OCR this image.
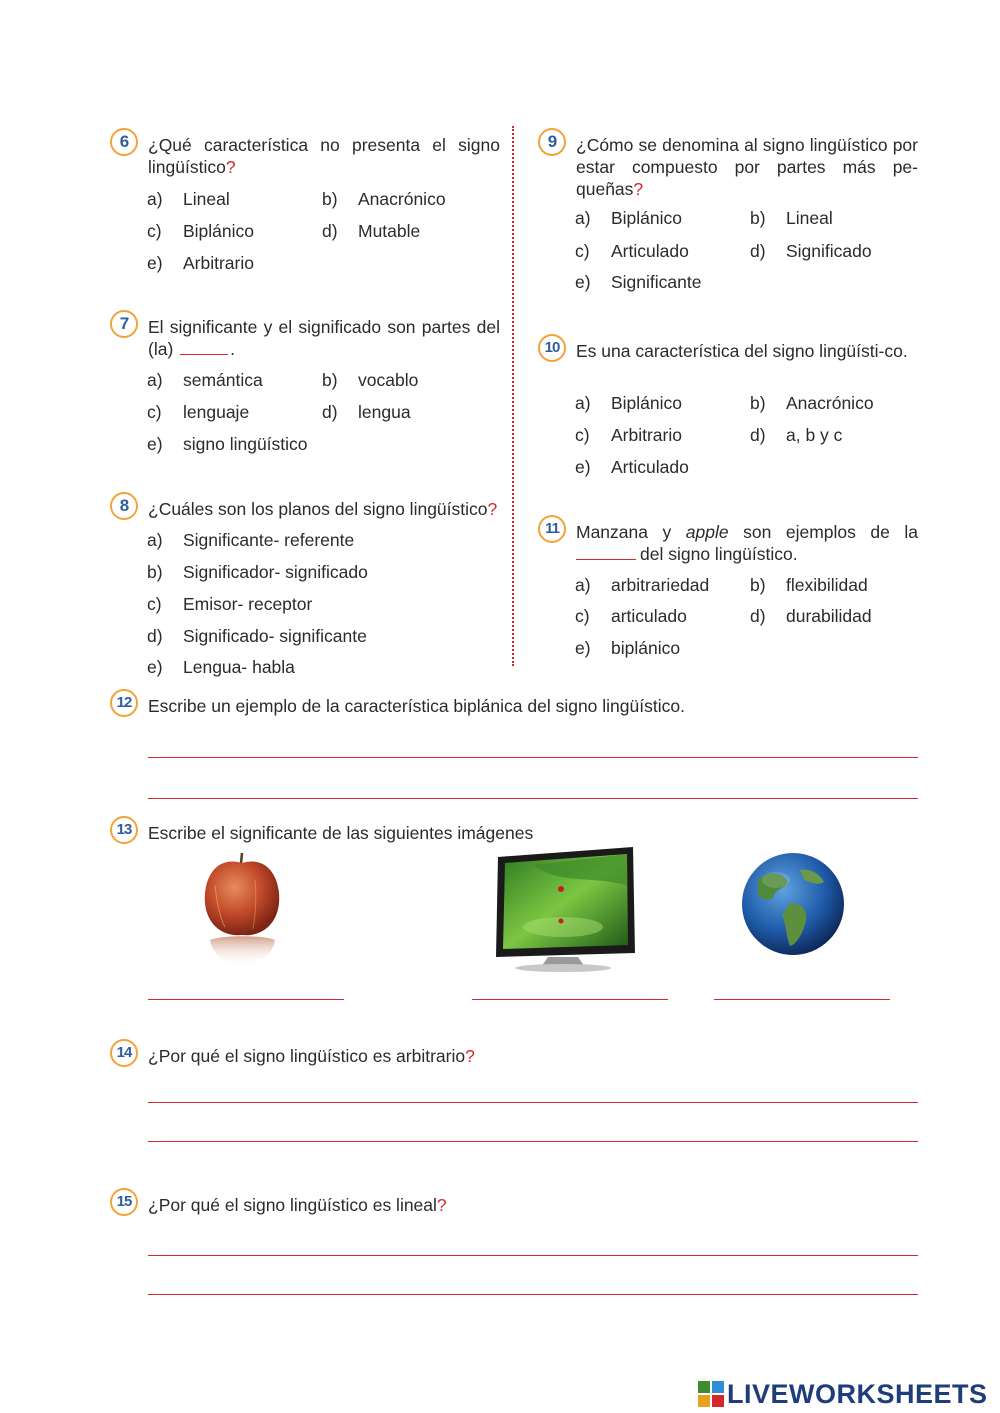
6	¿Qué característica no presenta el signo lingüístico?
a) Lineal	b) Anacrónico
c) Biplánico	d) Mutable
e) Arbitrario
7	El significante y el significado son partes del (la)	.
a) semántica	b) vocablo
c) lenguaje	d) lengua
e) signo lingüístico
8	¿Cuáles son los planos del signo lingüístico?
a) Significante- referente
b) Significador- significado
c) Emisor- receptor
d) Significado- significante
e) Lengua- habla
9	¿Cómo se denomina al signo lingüístico por estar compuesto por partes más pe-queñas?
a) Biplánico	b) Lineal
c) Articulado	d) Significado
e) Significante
10 Es una característica del signo lingüísti-co.
a) Biplánico	b) Anacrónico
c) Arbitrario	d) a, b y c
e) Articulado
11 Manzana y apple son ejemplos de la del signo lingüístico.
a) arbitrariedad b) flexibilidad
c) articulado	d) durabilidad
e) biplánico
12 Escribe un ejemplo de la característica biplánica del signo lingüístico.
13 Escribe el significante de las siguientes imágenes
14 ¿Por qué el signo lingüístico es arbitrario?
15 ¿Por qué el signo lingüístico es lineal?
LIVEWORKSHEETS
